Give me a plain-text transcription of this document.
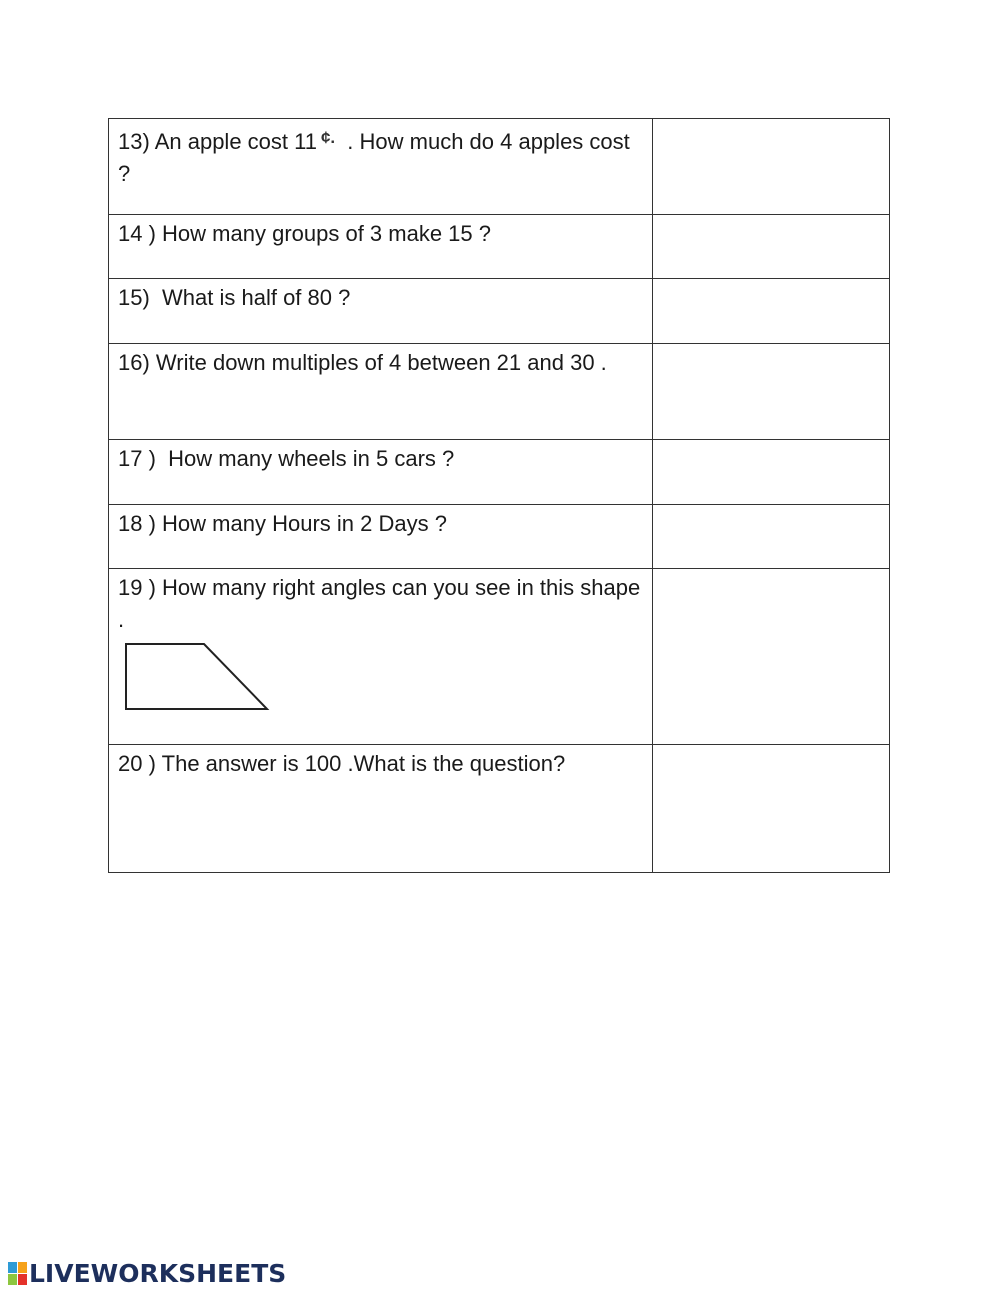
13) An apple cost 11 ¢. . How much do 4 apples cost ?	
14 ) How many groups of 3 make 15 ?	
15) What is half of 80 ?	
16) Write down multiples of 4 between 21 and 30 .	
17 ) How many wheels in 5 cars ?	
18 ) How many Hours in 2 Days ?	
19 ) How many right angles can you see in this shape .

20 ) The answer is 100 .What is the question?	
LIVEWORKSHEETS
